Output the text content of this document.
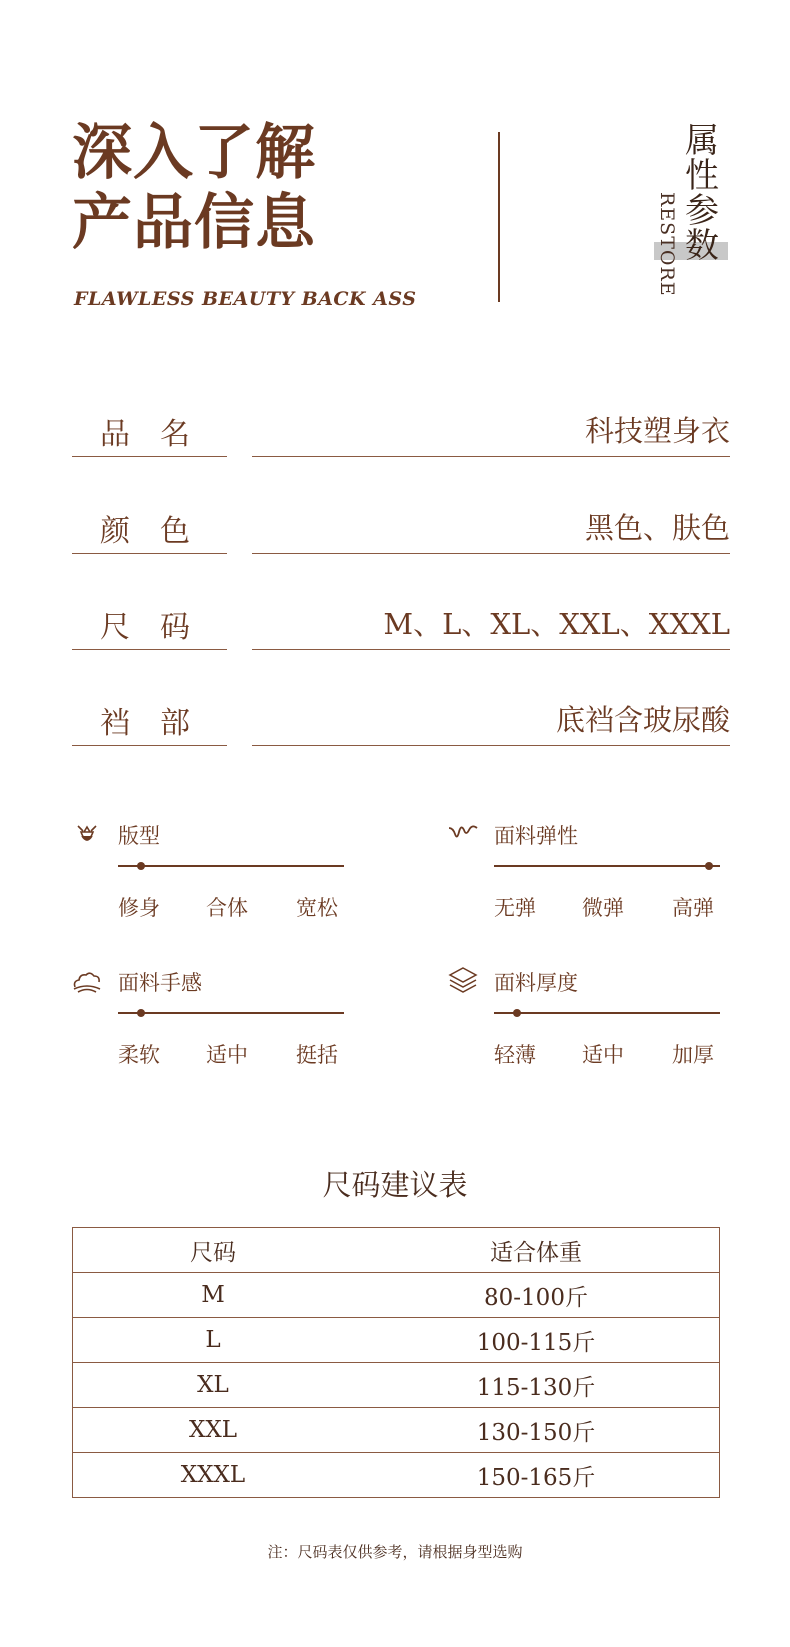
深入了解
产品信息
FLAWLESS BEAUTY BACK ASS
属性参数
RESTORE
品名	科技塑身衣
颜色	黑色、肤色
尺码	M、L、XL、XXL、XXXL
裆部	底裆含玻尿酸
版型
修身 合体 宽松
面料弹性
无弹 微弹 高弹
面料手感
柔软 适中 挺括
面料厚度
轻薄 适中 加厚
尺码建议表
尺码	适合体重
M	80-100斤
L	100-115斤
XL	115-130斤
XXL	130-150斤
XXXL	150-165斤
注：尺码表仅供参考，请根据身型选购
